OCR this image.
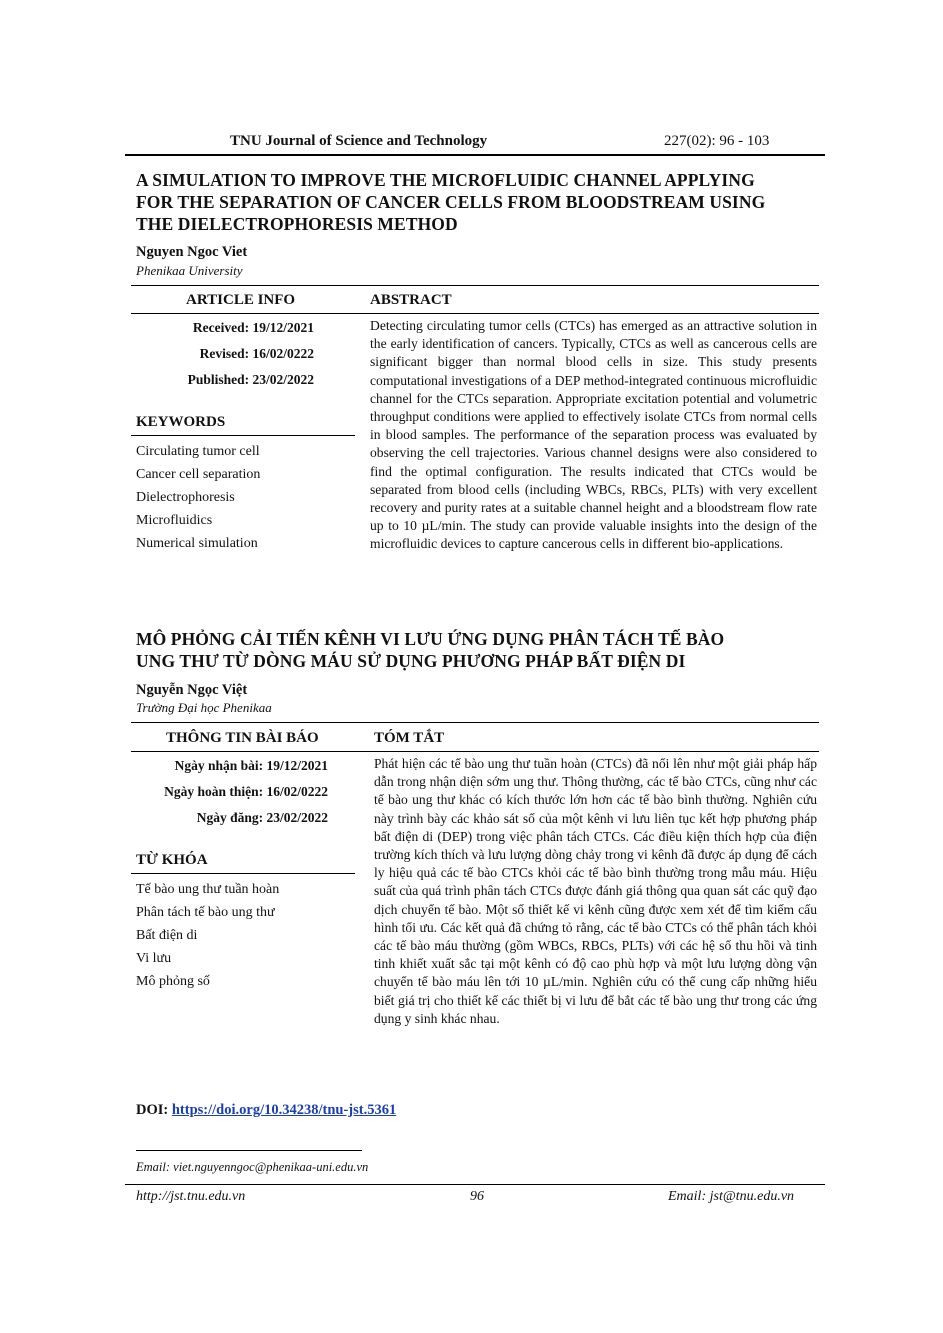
TNU Journal of Science and Technology	227(02): 96 - 103
A SIMULATION TO IMPROVE THE MICROFLUIDIC CHANNEL APPLYING
FOR THE SEPARATION OF CANCER CELLS FROM BLOODSTREAM USING
THE DIELECTROPHORESIS METHOD
Nguyen Ngoc Viet
Phenikaa University
ARTICLE INFO	ABSTRACT
Received: 19/12/2021
Revised: 16/02/0222
Published: 23/02/2022
KEYWORDS
Circulating tumor cell
Cancer cell separation
Dielectrophoresis
Microfluidics
Numerical simulation

Detecting circulating tumor cells (CTCs) has emerged as an attractive solution in the early identification of cancers. Typically, CTCs as well as cancerous cells are significant bigger than normal blood cells in size. This study presents computational investigations of a DEP method-integrated continuous microfluidic channel for the CTCs separation. Appropriate excitation potential and volumetric throughput conditions were applied to effectively isolate CTCs from normal cells in blood samples. The performance of the separation process was evaluated by observing the cell trajectories. Various channel designs were also considered to find the optimal configuration. The results indicated that CTCs would be separated from blood cells (including WBCs, RBCs, PLTs) with very excellent recovery and purity rates at a suitable channel height and a bloodstream flow rate up to 10 µL/min. The study can provide valuable insights into the design of the microfluidic devices to capture cancerous cells in different bio-applications.

MÔ PHỎNG CẢI TIẾN KÊNH VI LƯU ỨNG DỤNG PHÂN TÁCH TẾ BÀO
UNG THƯ TỪ DÒNG MÁU SỬ DỤNG PHƯƠNG PHÁP BẤT ĐIỆN DI
Nguyễn Ngọc Việt
Trường Đại học Phenikaa
THÔNG TIN BÀI BÁO	TÓM TẮT
Ngày nhận bài: 19/12/2021
Ngày hoàn thiện: 16/02/0222
Ngày đăng: 23/02/2022
TỪ KHÓA
Tế bào ung thư tuần hoàn
Phân tách tế bào ung thư
Bất điện di
Vi lưu
Mô phỏng số

Phát hiện các tế bào ung thư tuần hoàn (CTCs) đã nổi lên như một giải pháp hấp dẫn trong nhận diện sớm ung thư. Thông thường, các tế bào CTCs, cũng như các tế bào ung thư khác có kích thước lớn hơn các tế bào bình thường. Nghiên cứu này trình bày các khảo sát số của một kênh vi lưu liên tục kết hợp phương pháp bất điện di (DEP) trong việc phân tách CTCs. Các điều kiện thích hợp của điện trường kích thích và lưu lượng dòng chảy trong vi kênh đã được áp dụng để cách ly hiệu quả các tế bào CTCs khỏi các tế bào bình thường trong mẫu máu. Hiệu suất của quá trình phân tách CTCs được đánh giá thông qua quan sát các quỹ đạo dịch chuyển tế bào. Một số thiết kế vi kênh cũng được xem xét để tìm kiếm cấu hình tối ưu. Các kết quả đã chứng tỏ rằng, các tế bào CTCs có thể phân tách khỏi các tế bào máu thường (gồm WBCs, RBCs, PLTs) với các hệ số thu hồi và tinh tinh khiết xuất sắc tại một kênh có độ cao phù hợp và một lưu lượng dòng vận chuyển tế bào máu lên tới 10 µL/min. Nghiên cứu có thể cung cấp những hiểu biết giá trị cho thiết kế các thiết bị vi lưu để bắt các tế bào ung thư trong các ứng dụng y sinh khác nhau.

DOI: https://doi.org/10.34238/tnu-jst.5361
Email: viet.nguyenngoc@phenikaa-uni.edu.vn
http://jst.tnu.edu.vn	96	Email: jst@tnu.edu.vn
